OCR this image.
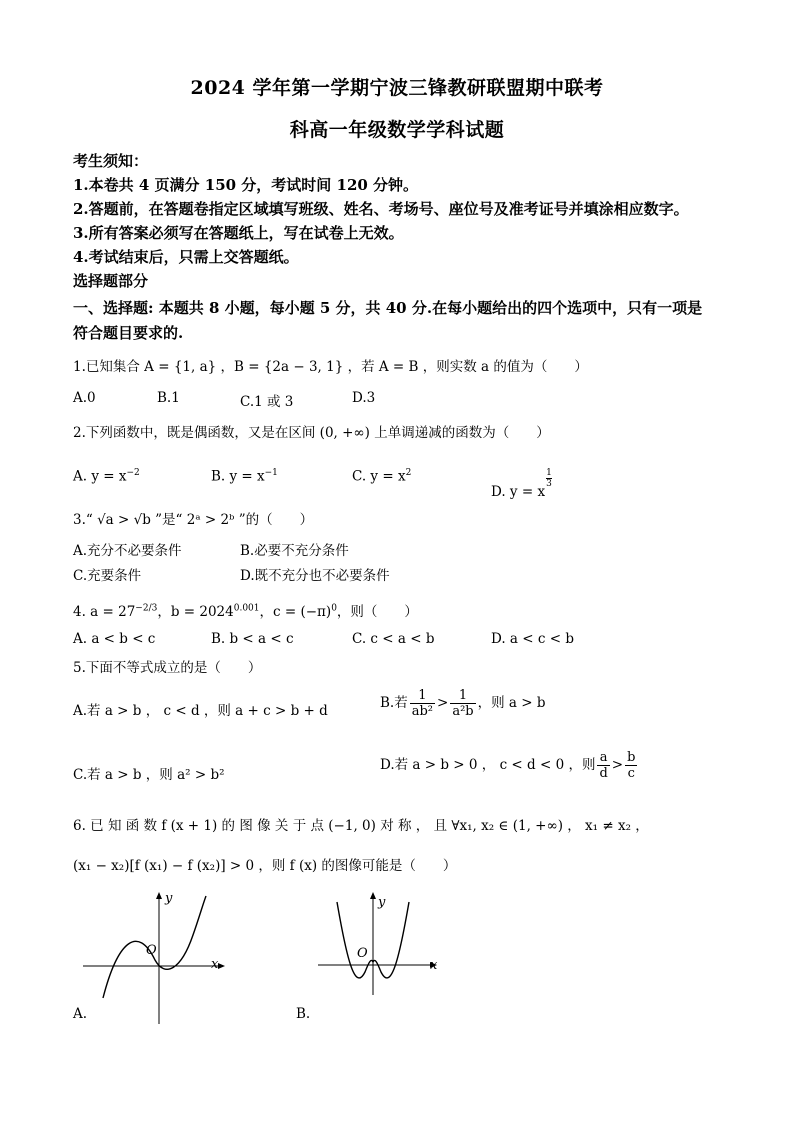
2024 学年第一学期宁波三锋教研联盟期中联考
科高一年级数学学科试题
考生须知：
1.本卷共 4 页满分 150 分，考试时间 120 分钟。
2.答题前，在答题卷指定区域填写班级、姓名、考场号、座位号及准考证号并填涂相应数字。
3.所有答案必须写在答题纸上，写在试卷上无效。
4.考试结束后，只需上交答题纸。
选择题部分
一、选择题: 本题共 8 小题，每小题 5 分，共 40 分.在每小题给出的四个选项中，只有一项是
符合题目要求的.
1.已知集合 A = {1, a} ，B = {2a − 3, 1} ，若 A = B ，则实数 a 的值为（　　）
A.0	B.1	C.1 或 3	D.3
2.下列函数中，既是偶函数，又是在区间 (0, +∞) 上单调递减的函数为（　　）
A. $y = x^{-2}$	B. $y = x^{-1}$	C. $y = x^2$
D. y = x
$\frac{1}{3}$
3.“ √a > √b ”是“ 2ᵃ > 2ᵇ ”的（　　）
A.充分不必要条件	B.必要不充分条件
C.充要条件	D.既不充分也不必要条件
4. $a = 27^{-2/3}$，$b = 2024^{0.001}$，$c = (-\pi)^0$，则（　　）
A. a < b < c	B. b < a < c	C. c < a < b	D. a < c < b
5.下面不等式成立的是（　　）
A.若 a > b ， c < d ，则 a + c > b + d	B.若 $\frac{1}{\text{ab²}} > \frac{1}{\text{a²b}}$ ，则 a > b
C.若 a > b ，则 a² > b²
D.若 a > b > 0 ， c < d < 0 ，则 $\frac{a}{d} > \frac{b}{c}$
6. 已 知 函 数 f (x + 1) 的 图 像 关 于 点 (−1, 0) 对 称 ， 且 ∀x₁, x₂ ∈ (1, +∞) ， x₁ ≠ x₂ ，
(x₁ − x₂)[f (x₁) − f (x₂)] > 0 ，则 f (x) 的图像可能是（　　）
y
O
x
A.
y
O
x
B.
